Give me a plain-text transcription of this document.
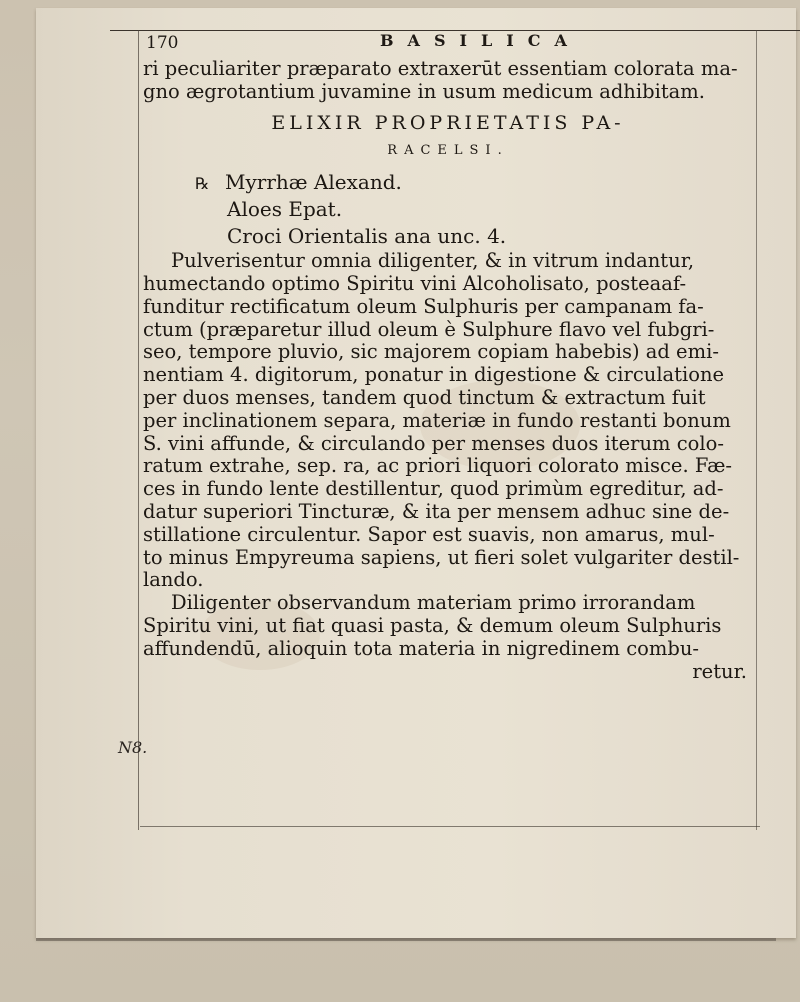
170	BASILICA
N8.
ri peculiariter præparato extraxerūt essentiam colorata ma-
gno ægrotantium juvamine in usum medicum adhibitam.
ELIXIR PROPRIETATIS PA-
RACELSI.
℞ Myrrhæ Alexand.
Aloes Epat.
Croci Orientalis ana unc. 4.
Pulverisentur omnia diligenter, & in vitrum indantur,
humectando optimo Spiritu vini Alcoholisato, posteaaf-
funditur rectificatum oleum Sulphuris per campanam fa-
ctum (præparetur illud oleum è Sulphure flavo vel fubgri-
seo, tempore pluvio, sic majorem copiam habebis) ad emi-
nentiam 4. digitorum, ponatur in digestione & circulatione
per duos menses, tandem quod tinctum & extractum fuit
per inclinationem separa, materiæ in fundo restanti bonum
S. vini affunde, & circulando per menses duos iterum colo-
ratum extrahe, sep. ra, ac priori liquori colorato misce. Fæ-
ces in fundo lente destillentur, quod primùm egreditur, ad-
datur superiori Tincturæ, & ita per mensem adhuc sine de-
stillatione circulentur. Sapor est suavis, non amarus, mul-
to minus Empyreuma sapiens, ut fieri solet vulgariter destil-
lando.
Diligenter observandum materiam primo irrorandam
Spiritu vini, ut fiat quasi pasta, & demum oleum Sulphuris
affundendū, alioquin tota materia in nigredinem combu-
retur.
